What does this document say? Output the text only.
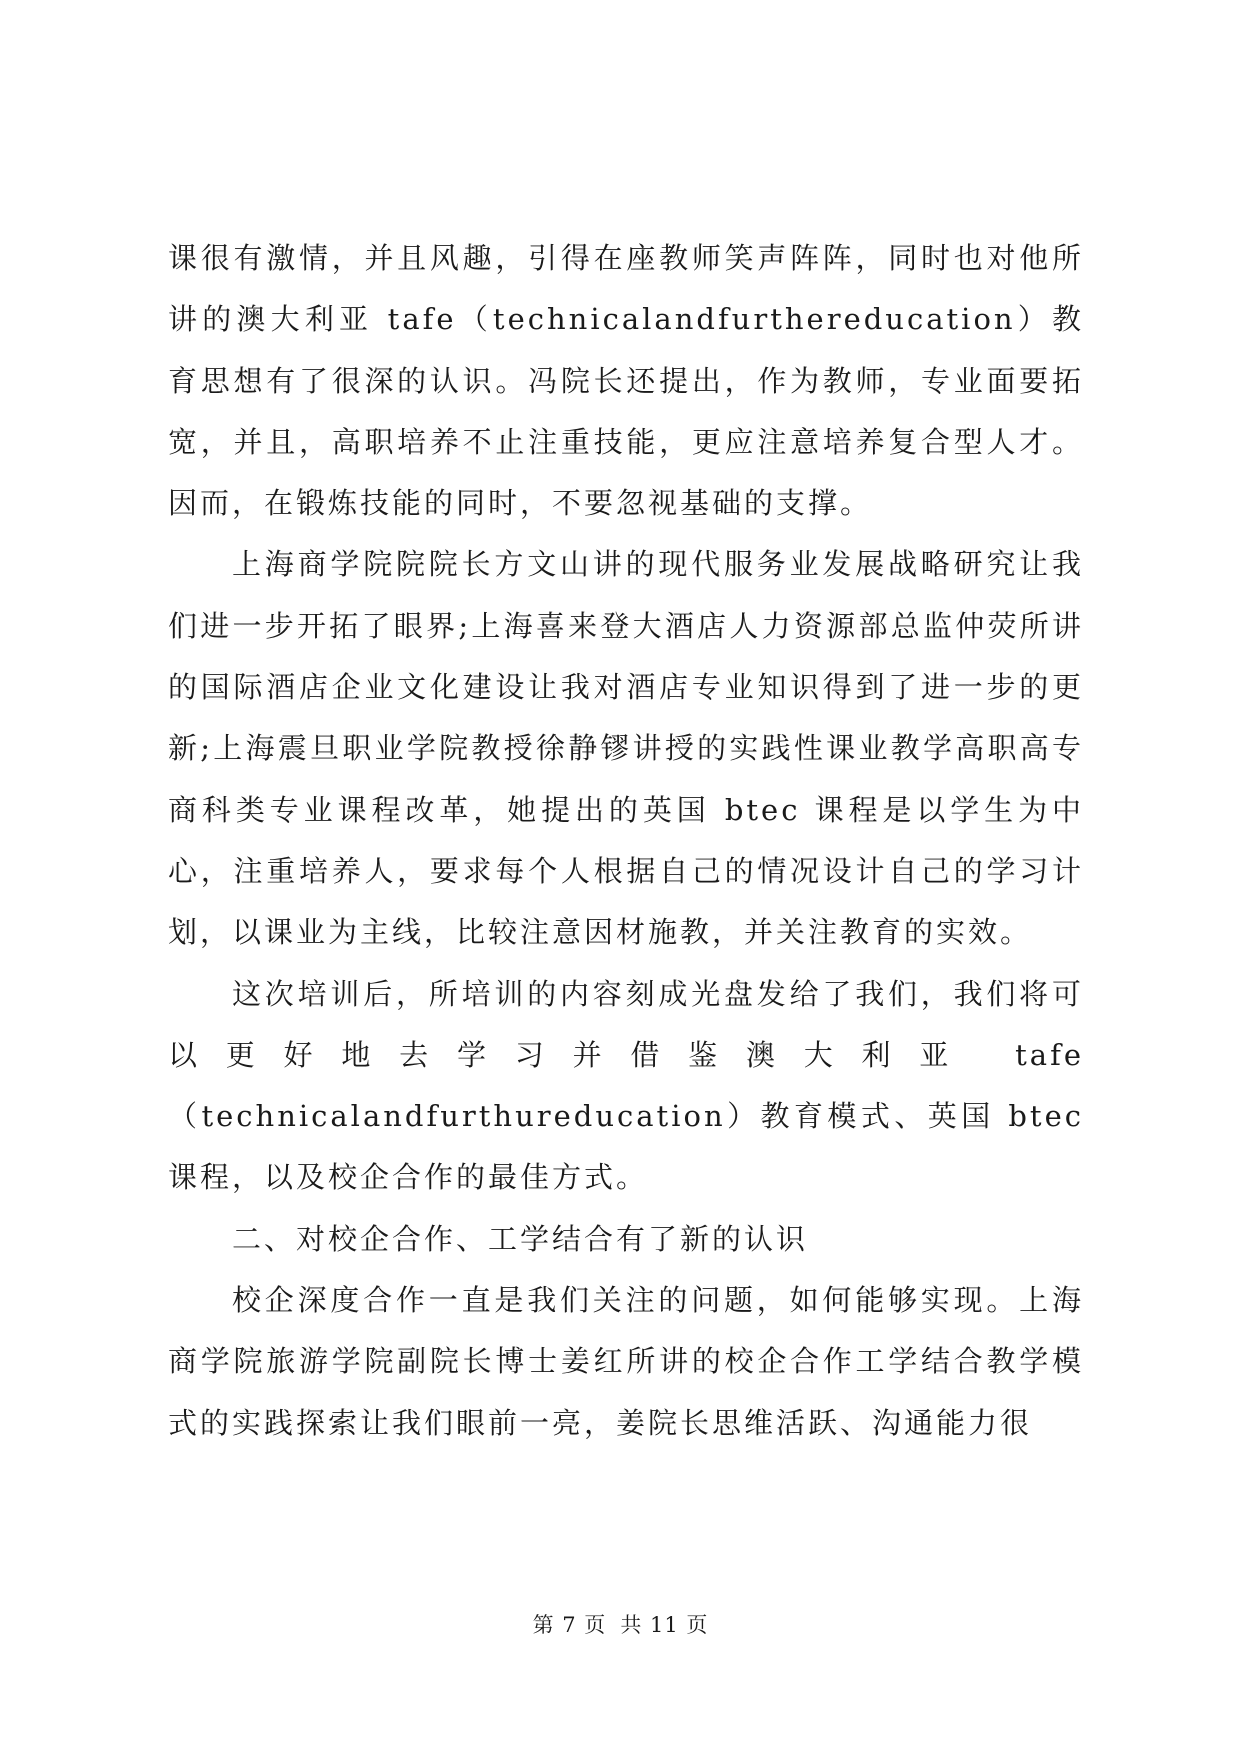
课很有激情，并且风趣，引得在座教师笑声阵阵，同时也对他所讲的澳大利亚 tafe（technicalandfurthereducation）教育思想有了很深的认识。冯院长还提出，作为教师，专业面要拓宽，并且，高职培养不止注重技能，更应注意培养复合型人才。因而，在锻炼技能的同时，不要忽视基础的支撑。

上海商学院院院长方文山讲的现代服务业发展战略研究让我们进一步开拓了眼界;上海喜来登大酒店人力资源部总监仲荧所讲的国际酒店企业文化建设让我对酒店专业知识得到了进一步的更新;上海震旦职业学院教授徐静镠讲授的实践性课业教学高职高专商科类专业课程改革，她提出的英国 btec 课程是以学生为中心，注重培养人，要求每个人根据自己的情况设计自己的学习计划，以课业为主线，比较注意因材施教，并关注教育的实效。

这次培训后，所培训的内容刻成光盘发给了我们，我们将可以更好地去学习并借鉴澳大利亚 tafe（technicalandfurthureducation）教育模式、英国 btec 课程，以及校企合作的最佳方式。

二、对校企合作、工学结合有了新的认识

校企深度合作一直是我们关注的问题，如何能够实现。上海商学院旅游学院副院长博士姜红所讲的校企合作工学结合教学模式的实践探索让我们眼前一亮，姜院长思维活跃、沟通能力很

第 7 页 共 11 页
